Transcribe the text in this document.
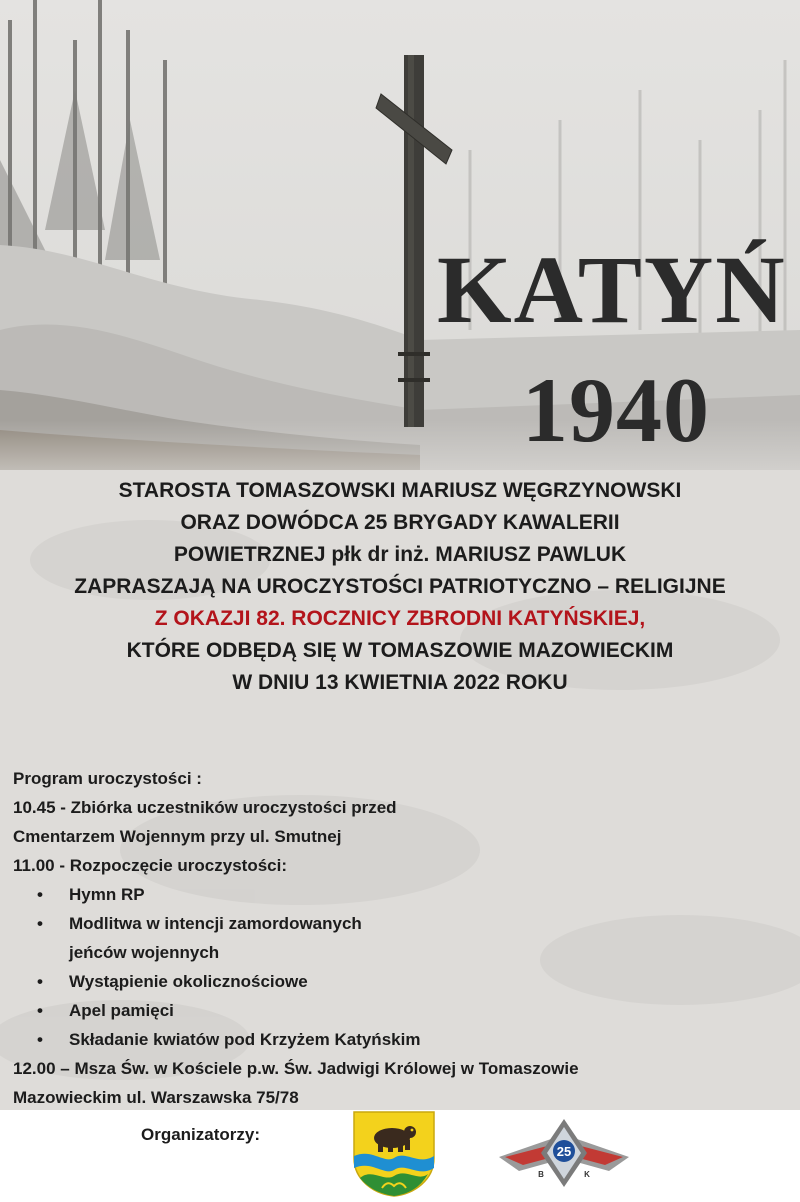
KATYŃ
1940
STAROSTA TOMASZOWSKI MARIUSZ WĘGRZYNOWSKI
ORAZ DOWÓDCA 25 BRYGADY KAWALERII
POWIETRZNEJ płk dr inż. MARIUSZ PAWLUK
ZAPRASZAJĄ NA UROCZYSTOŚCI PATRIOTYCZNO – RELIGIJNE
Z OKAZJI 82. ROCZNICY ZBRODNI KATYŃSKIEJ,
KTÓRE ODBĘDĄ SIĘ W TOMASZOWIE MAZOWIECKIM
W DNIU 13 KWIETNIA 2022 ROKU
Program uroczystości :
10.45 - Zbiórka uczestników uroczystości przed
Cmentarzem Wojennym przy ul. Smutnej
11.00 - Rozpoczęcie uroczystości:
• Hymn RP
• Modlitwa w intencji zamordowanych
jeńców wojennych
• Wystąpienie okolicznościowe
• Apel pamięci
• Składanie kwiatów pod Krzyżem Katyńskim
12.00 – Msza Św. w Kościele p.w. Św. Jadwigi Królowej w Tomaszowie
Mazowieckim ul. Warszawska 75/78
Organizatorzy:
25
B	K
